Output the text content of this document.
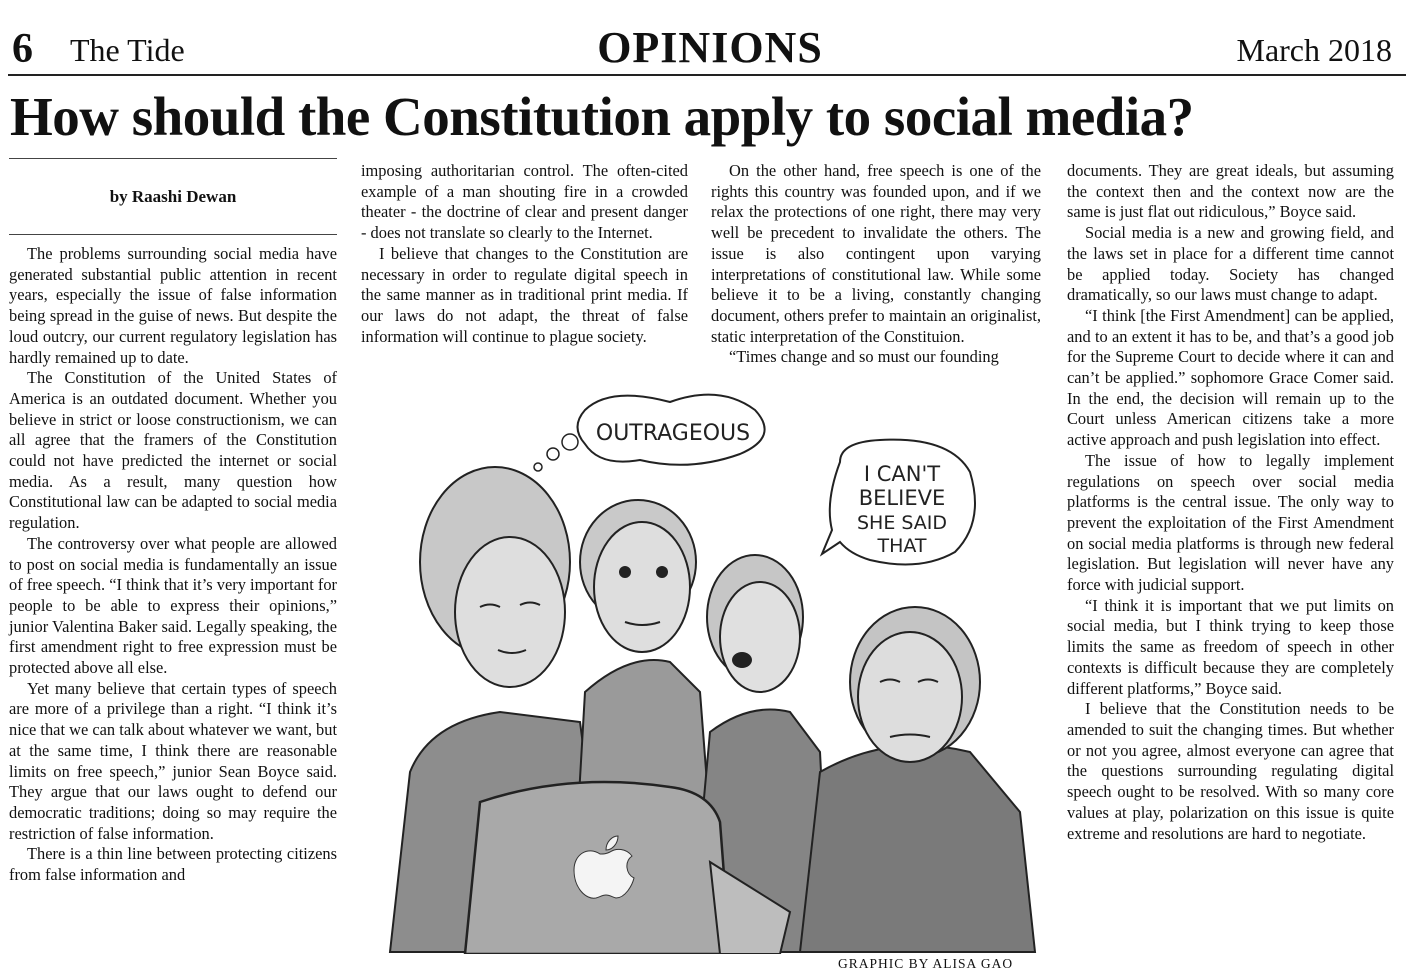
6 The Tide	OPINIONS	March 2018
How should the Constitution apply to social media?
by Raashi Dewan

The problems surrounding social media have generated substantial public attention in recent years, especially the issue of false information being spread in the guise of news. But despite the loud outcry, our current regulatory legislation has hardly remained up to date.

The Constitution of the United States of America is an outdated document. Whether you believe in strict or loose constructionism, we can all agree that the framers of the Constitution could not have predicted the internet or social media. As a result, many question how Constitutional law can be adapted to social media regulation.

The controversy over what people are allowed to post on social media is fundamentally an issue of free speech. “I think that it’s very important for people to be able to express their opinions,” junior Valentina Baker said. Legally speaking, the first amendment right to free expression must be protected above all else.

Yet many believe that certain types of speech are more of a privilege than a right. “I think it’s nice that we can talk about whatever we want, but at the same time, I think there are reasonable limits on free speech,” junior Sean Boyce said. They argue that our laws ought to defend our democratic traditions; doing so may require the restriction of false information.

There is a thin line between protecting citizens from false information and

imposing authoritarian control. The often-cited example of a man shouting fire in a crowded theater - the doctrine of clear and present danger - does not translate so clearly to the Internet.

I believe that changes to the Constitution are necessary in order to regulate digital speech in the same manner as in traditional print media. If our laws do not adapt, the threat of false information will continue to plague society.

On the other hand, free speech is one of the rights this country was founded upon, and if we relax the protections of one right, there may very well be precedent to invalidate the others. The issue is also contingent upon varying interpretations of constitutional law. While some believe it to be a living, constantly changing document, others prefer to maintain an originalist, static interpretation of the Constituion.

“Times change and so must our founding

documents. They are great ideals, but assuming the context then and the context now are the same is just flat out ridiculous,” Boyce said.

Social media is a new and growing field, and the laws set in place for a different time cannot be applied today. Society has changed dramatically, so our laws must change to adapt.

“I think [the First Amendment] can be applied, and to an extent it has to be, and that’s a good job for the Supreme Court to decide where it can and can’t be applied.” sophomore Grace Comer said. In the end, the decision will remain up to the Court unless American citizens take a more active approach and push legislation into effect.

The issue of how to legally implement regulations on speech over social media platforms is the central issue. The only way to prevent the exploitation of the First Amendment on social media platforms is through new federal legislation. But legislation will never have any force with judicial support.

“I think it is important that we put limits on social media, but I think trying to keep those limits the same as freedom of speech in other contexts is difficult because they are completely different platforms,” Boyce said.

I believe that the Constitution needs to be amended to suit the changing times. But whether or not you agree, almost everyone can agree that the questions surrounding regulating digital speech ought to be resolved. With so many core values at play, polarization on this issue is quite extreme and resolutions are hard to negotiate.

OUTRAGEOUS
I CAN'T
BELIEVE
SHE SAID
THAT
GRAPHIC BY ALISA GAO
